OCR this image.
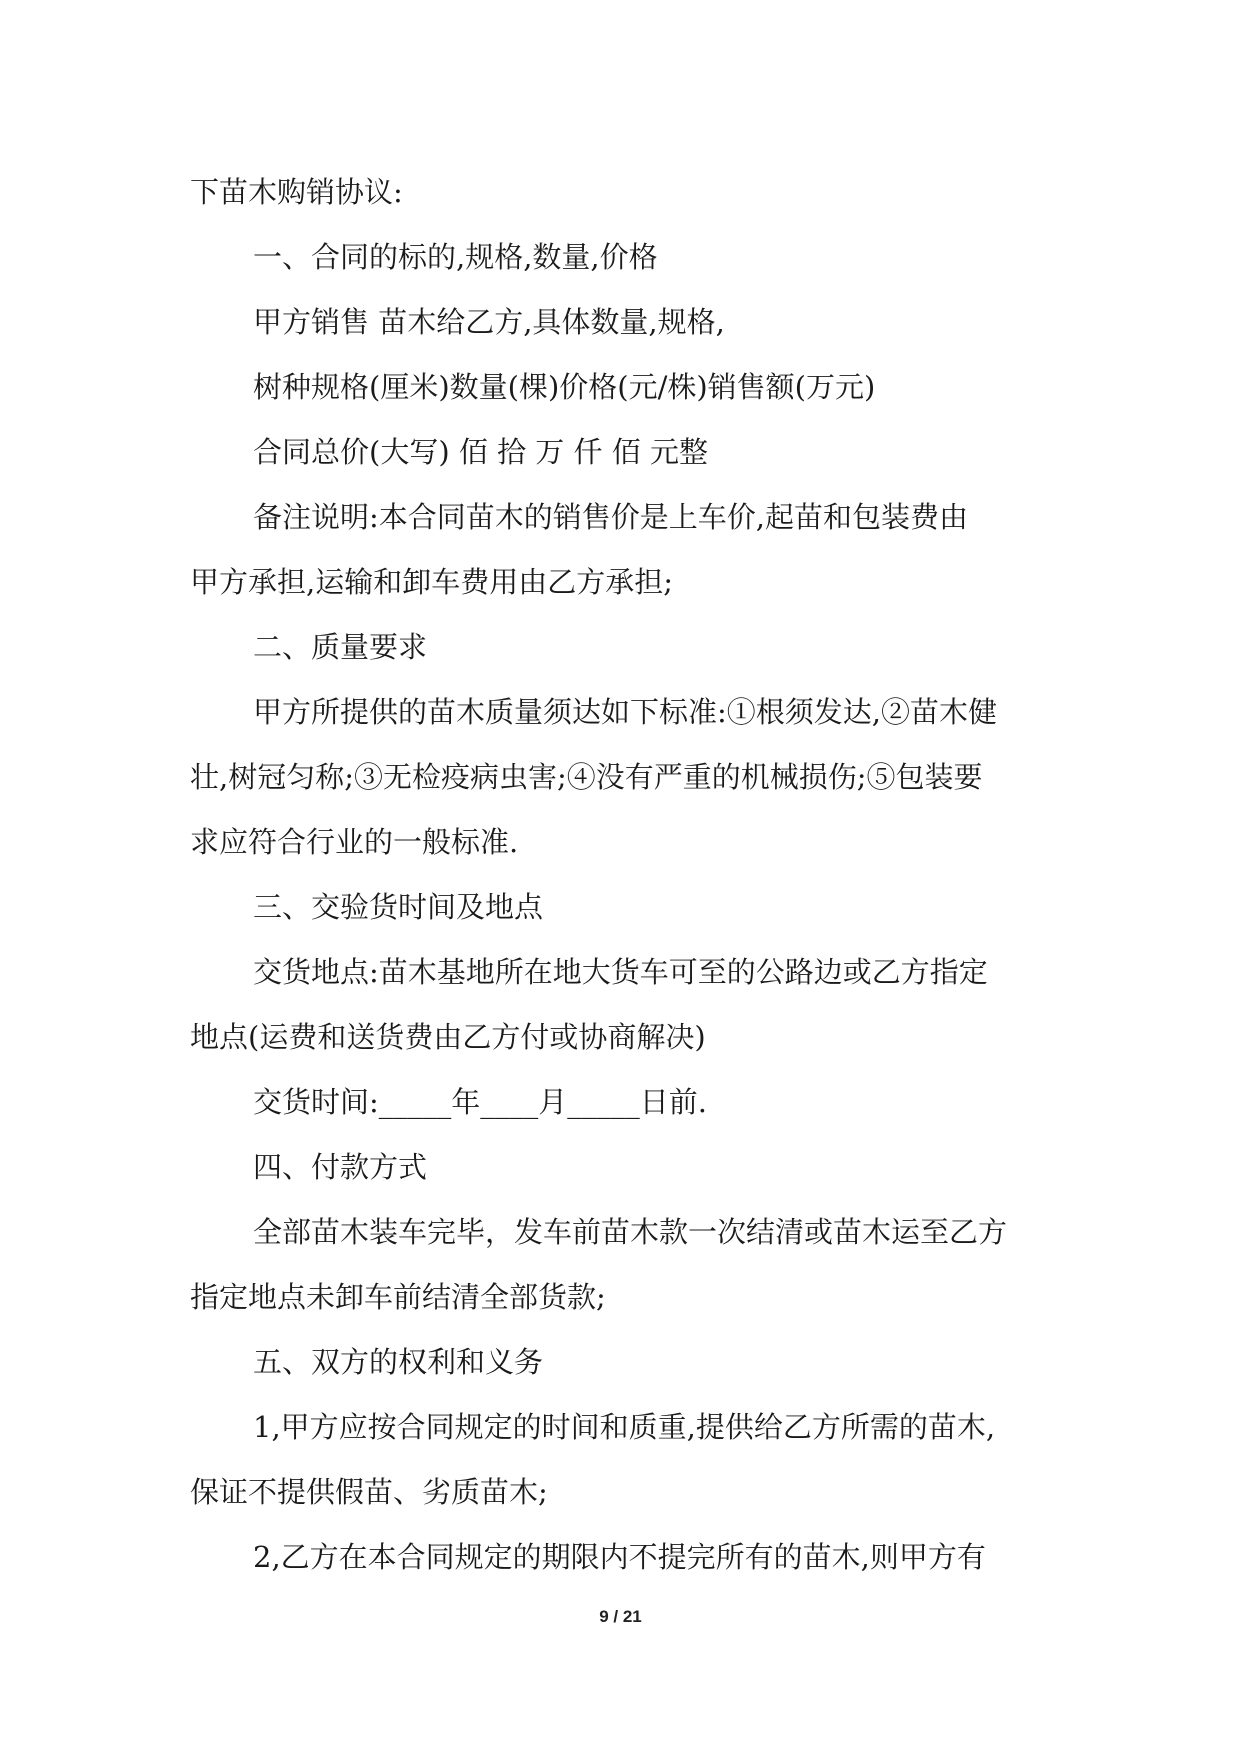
下苗木购销协议:
一、合同的标的,规格,数量,价格
甲方销售 苗木给乙方,具体数量,规格,
树种规格(厘米)数量(棵)价格(元/株)销售额(万元)
合同总价(大写) 佰 拾 万 仟 佰 元整
备注说明:本合同苗木的销售价是上车价,起苗和包装费由
甲方承担,运输和卸车费用由乙方承担;
二、质量要求
甲方所提供的苗木质量须达如下标准:①根须发达,②苗木健
壮,树冠匀称;③无检疫病虫害;④没有严重的机械损伤;⑤包装要
求应符合行业的一般标准.
三、交验货时间及地点
交货地点:苗木基地所在地大货车可至的公路边或乙方指定
地点(运费和送货费由乙方付或协商解决)
交货时间:_____年____月_____日前.
四、付款方式
全部苗木装车完毕，发车前苗木款一次结清或苗木运至乙方
指定地点未卸车前结清全部货款;
五、双方的权利和义务
1,甲方应按合同规定的时间和质重,提供给乙方所需的苗木,
保证不提供假苗、劣质苗木;
2,乙方在本合同规定的期限内不提完所有的苗木,则甲方有
9 / 21
